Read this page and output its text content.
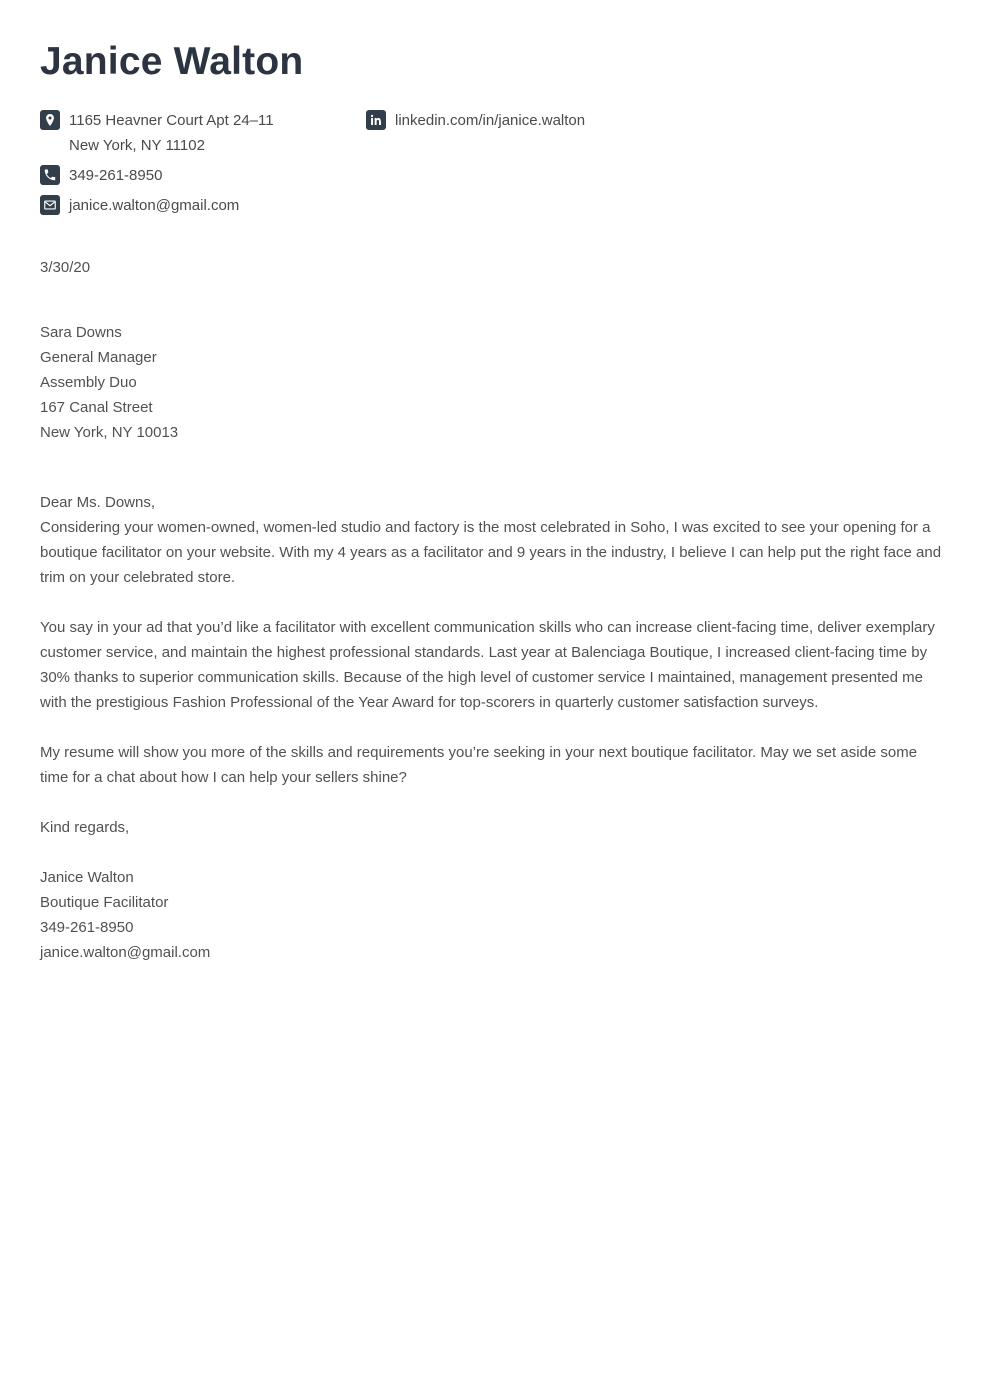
Janice Walton
1165 Heavner Court Apt 24–11
New York, NY 11102
349-261-8950
janice.walton@gmail.com
linkedin.com/in/janice.walton
3/30/20
Sara Downs
General Manager
Assembly Duo
167 Canal Street
New York, NY 10013
Dear Ms. Downs,
Considering your women-owned, women-led studio and factory is the most celebrated in Soho, I was excited to see your opening for a boutique facilitator on your website. With my 4 years as a facilitator and 9 years in the industry, I believe I can help put the right face and trim on your celebrated store.
You say in your ad that you’d like a facilitator with excellent communication skills who can increase client-facing time, deliver exemplary customer service, and maintain the highest professional standards. Last year at Balenciaga Boutique, I increased client-facing time by 30% thanks to superior communication skills. Because of the high level of customer service I maintained, management presented me with the prestigious Fashion Professional of the Year Award for top-scorers in quarterly customer satisfaction surveys.
My resume will show you more of the skills and requirements you’re seeking in your next boutique facilitator. May we set aside some time for a chat about how I can help your sellers shine?
Kind regards,
Janice Walton
Boutique Facilitator
349-261-8950
janice.walton@gmail.com
